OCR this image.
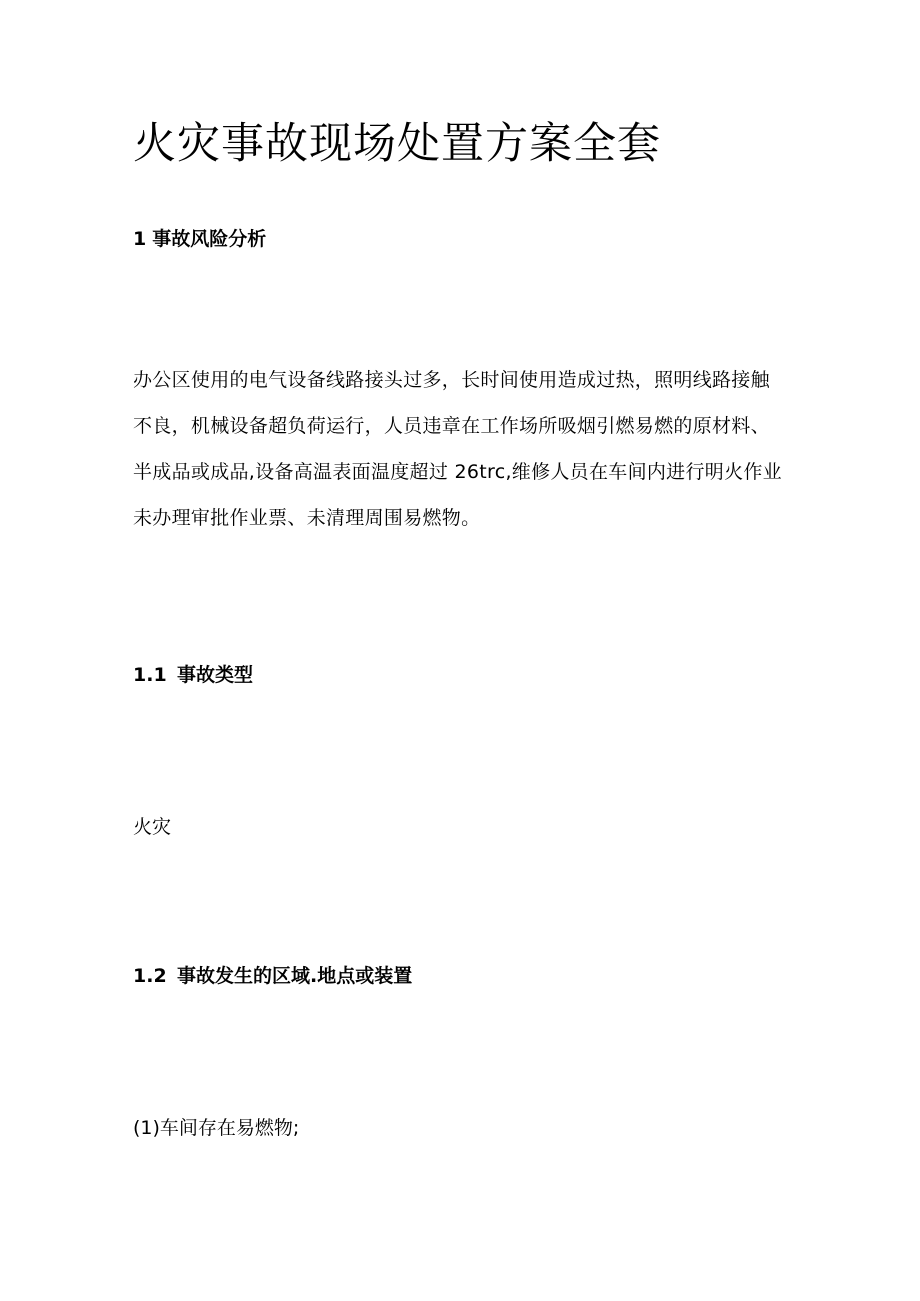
火灾事故现场处置方案全套
1 事故风险分析

办公区使用的电气设备线路接头过多，长时间使用造成过热，照明线路接触不良，机械设备超负荷运行，人员违章在工作场所吸烟引燃易燃的原材料、半成品或成品,设备高温表面温度超过 26trc,维修人员在车间内进行明火作业未办理审批作业票、未清理周围易燃物。

1.1 事故类型

火灾

1.2 事故发生的区域.地点或装置

(1)车间存在易燃物;
